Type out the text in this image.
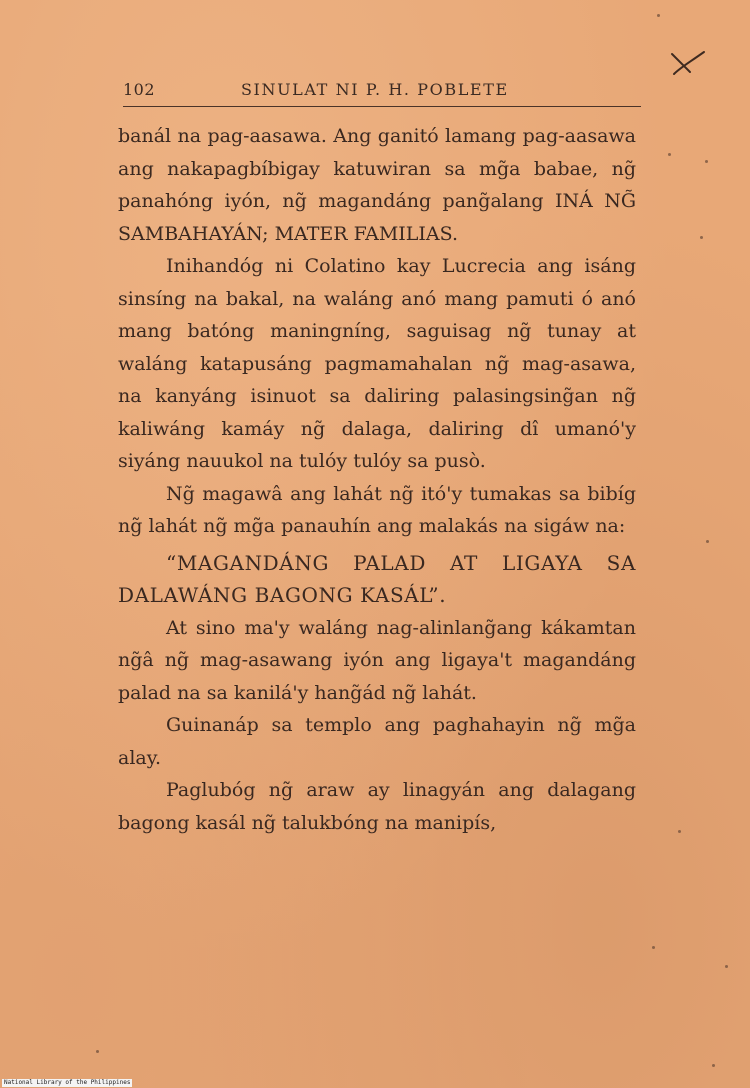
102	SINULAT NI P. H. POBLETE

banál na pag-aasawa. Ang ganitó lamang pag-aasawa ang nakapagbíbigay katuwiran sa mg̃a babae, ng̃ panahóng iyón, ng̃ magandáng pang̃alang INÁ NG̃ SAMBAHAYÁN; MATER FAMILIAS.

Inihandóg ni Colatino kay Lucrecia ang isáng sinsíng na bakal, na waláng anó mang pamuti ó anó mang batóng maningníng, saguisag ng̃ tunay at waláng katapusáng pagmamahalan ng̃ mag-asawa, na kanyáng isinuot sa daliring palasingsing̃an ng̃ kaliwáng kamáy ng̃ dalaga, daliring dî umanó'y siyáng nauukol na tulóy tulóy sa pusò.

Ng̃ magawâ ang lahát ng̃ itó'y tumakas sa bibíg ng̃ lahát ng̃ mg̃a panauhín ang malakás na sigáw na:

“MAGANDÁNG PALAD AT LIGAYA SA DALAWÁNG BAGONG KASÁL”.

At sino ma'y waláng nag-alinlang̃ang kákamtan ng̃â ng̃ mag-asawang iyón ang ligaya't magandáng palad na sa kanilá'y hang̃ád ng̃ lahát.

Guinanáp sa templo ang paghahayin ng̃ mg̃a alay.

Paglubóg ng̃ araw ay linagyán ang dalagang bagong kasál ng̃ talukbóng na manipís,

National Library of the Philippines
